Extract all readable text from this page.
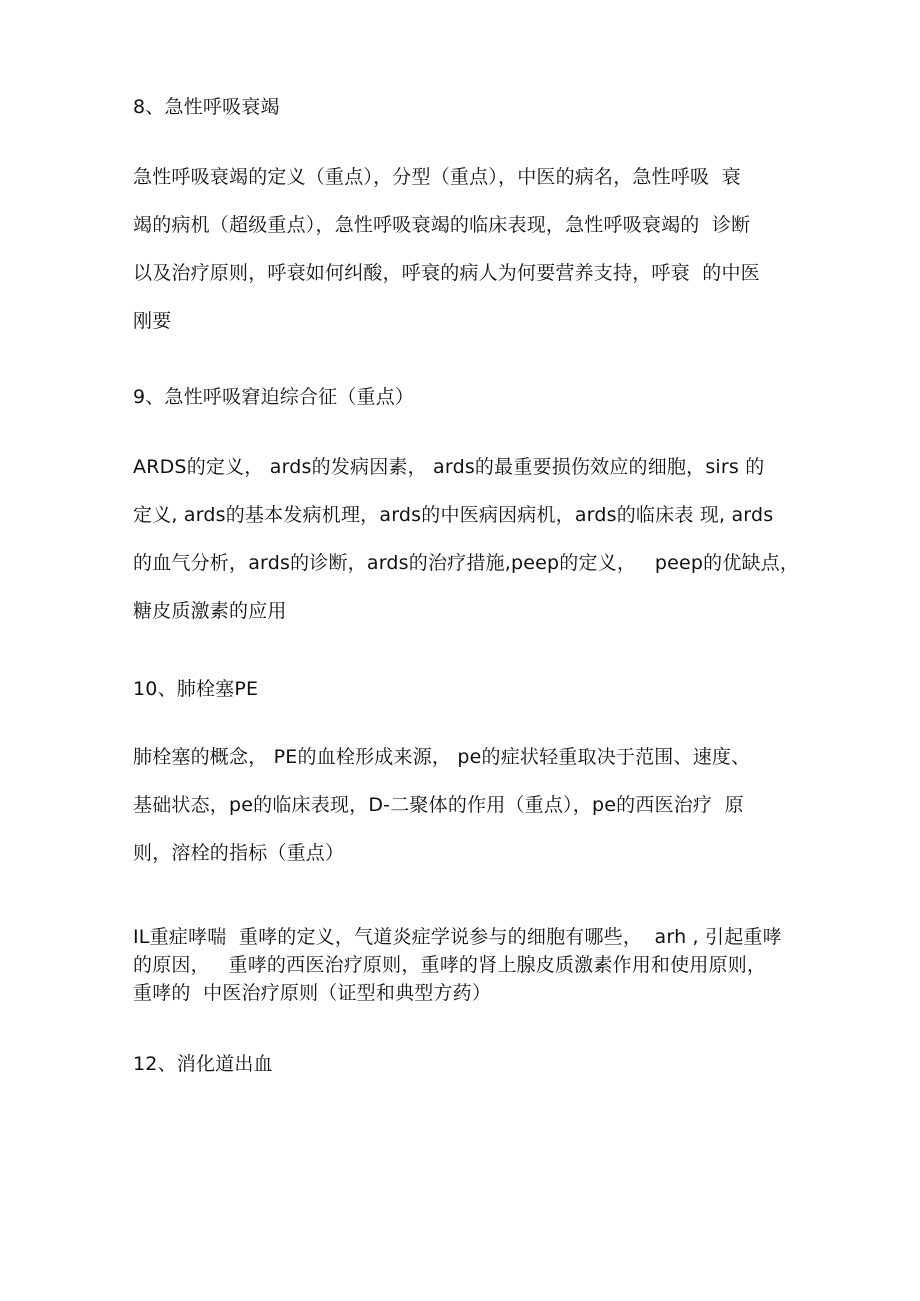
8、急性呼吸衰竭
急性呼吸衰竭的定义（重点），分型（重点），中医的病名，急性呼吸  衰
竭的病机（超级重点），急性呼吸衰竭的临床表现，急性呼吸衰竭的  诊断
以及治疗原则，呼衰如何纠酸，呼衰的病人为何要营养支持，呼衰  的中医
刚要
9、急性呼吸窘迫综合征（重点）
ARDS的定义， ards的发病因素， ards的最重要损伤效应的细胞，sirs 的
定义, ards的基本发病机理，ards的中医病因病机，ards的临床表 现, ards
的血气分析，ards的诊断，ards的治疗措施,peep的定义，   peep的优缺点，
糖皮质激素的应用
10、肺栓塞PE
肺栓塞的概念， PE的血栓形成来源， pe的症状轻重取决于范围、速度、
基础状态，pe的临床表现，D-二聚体的作用（重点），pe的西医治疗  原
则，溶栓的指标（重点）
IL重症哮喘  重哮的定义，气道炎症学说参与的细胞有哪些，  arh , 引起重哮
的原因，   重哮的西医治疗原则，重哮的肾上腺皮质激素作用和使用原则，
重哮的  中医治疗原则（证型和典型方药）
12、消化道出血
